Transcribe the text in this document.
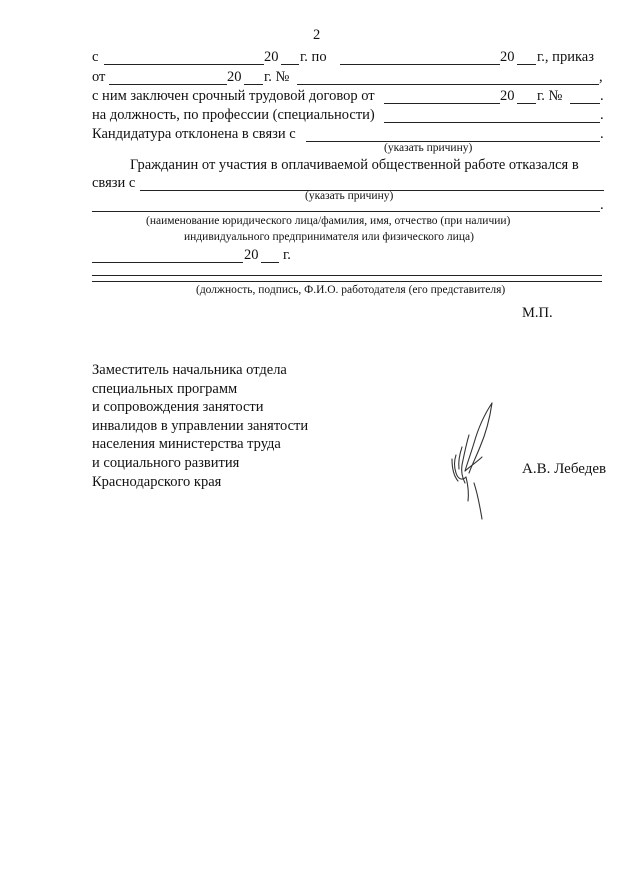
2
с	20 г. по	20 г., приказ
от	20 г. №	,
с ним заключен срочный трудовой договор от	20 г. №	.
на должность, по профессии (специальности)	.
Кандидатура отклонена в связи с	.
(указать причину)
Гражданин от участия в оплачиваемой общественной работе отказался в
связи с
(указать причину)
.
(наименование юридического лица/фамилия, имя, отчество (при наличии)
индивидуального предпринимателя или физического лица)
20 г.
(должность, подпись, Ф.И.О. работодателя (его представителя)
М.П.
Заместитель начальника отдела
специальных программ
и сопровождения занятости
инвалидов в управлении занятости
населения министерства труда
и социального развития
Краснодарского края
А.В. Лебедев
